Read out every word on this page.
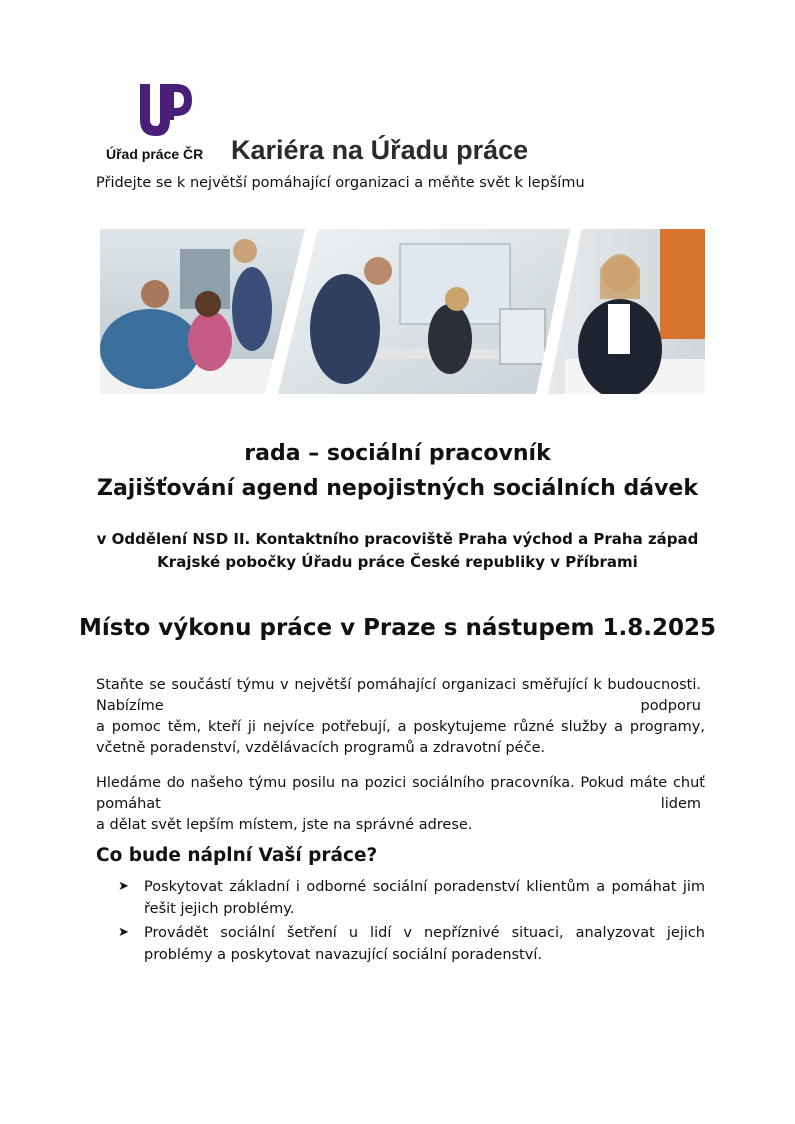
Úřad práce ČR Kariéra na Úřadu práce
Přidejte se k největší pomáhající organizaci a měňte svět k lepšímu
rada – sociální pracovník
Zajišťování agend nepojistných sociálních dávek
v Oddělení NSD II. Kontaktního pracoviště Praha východ a Praha západ
Krajské pobočky Úřadu práce České republiky v Příbrami
Místo výkonu práce v Praze s nástupem 1.8.2025
Staňte se součástí týmu v největší pomáhající organizaci směřující k budoucnosti.
Nabízíme	podporu
a pomoc těm, kteří ji nejvíce potřebují, a poskytujeme různé služby a programy, včetně poradenství, vzdělávacích programů a zdravotní péče.
Hledáme do našeho týmu posilu na pozici sociálního pracovníka. Pokud máte chuť
pomáhat	lidem
a dělat svět lepším místem, jste na správné adrese.
Co bude náplní Vaší práce?
➤ Poskytovat základní i odborné sociální poradenství klientům a pomáhat jim řešit jejich problémy.
➤ Provádět sociální šetření u lidí v nepříznivé situaci, analyzovat jejich problémy a poskytovat navazující sociální poradenství.
